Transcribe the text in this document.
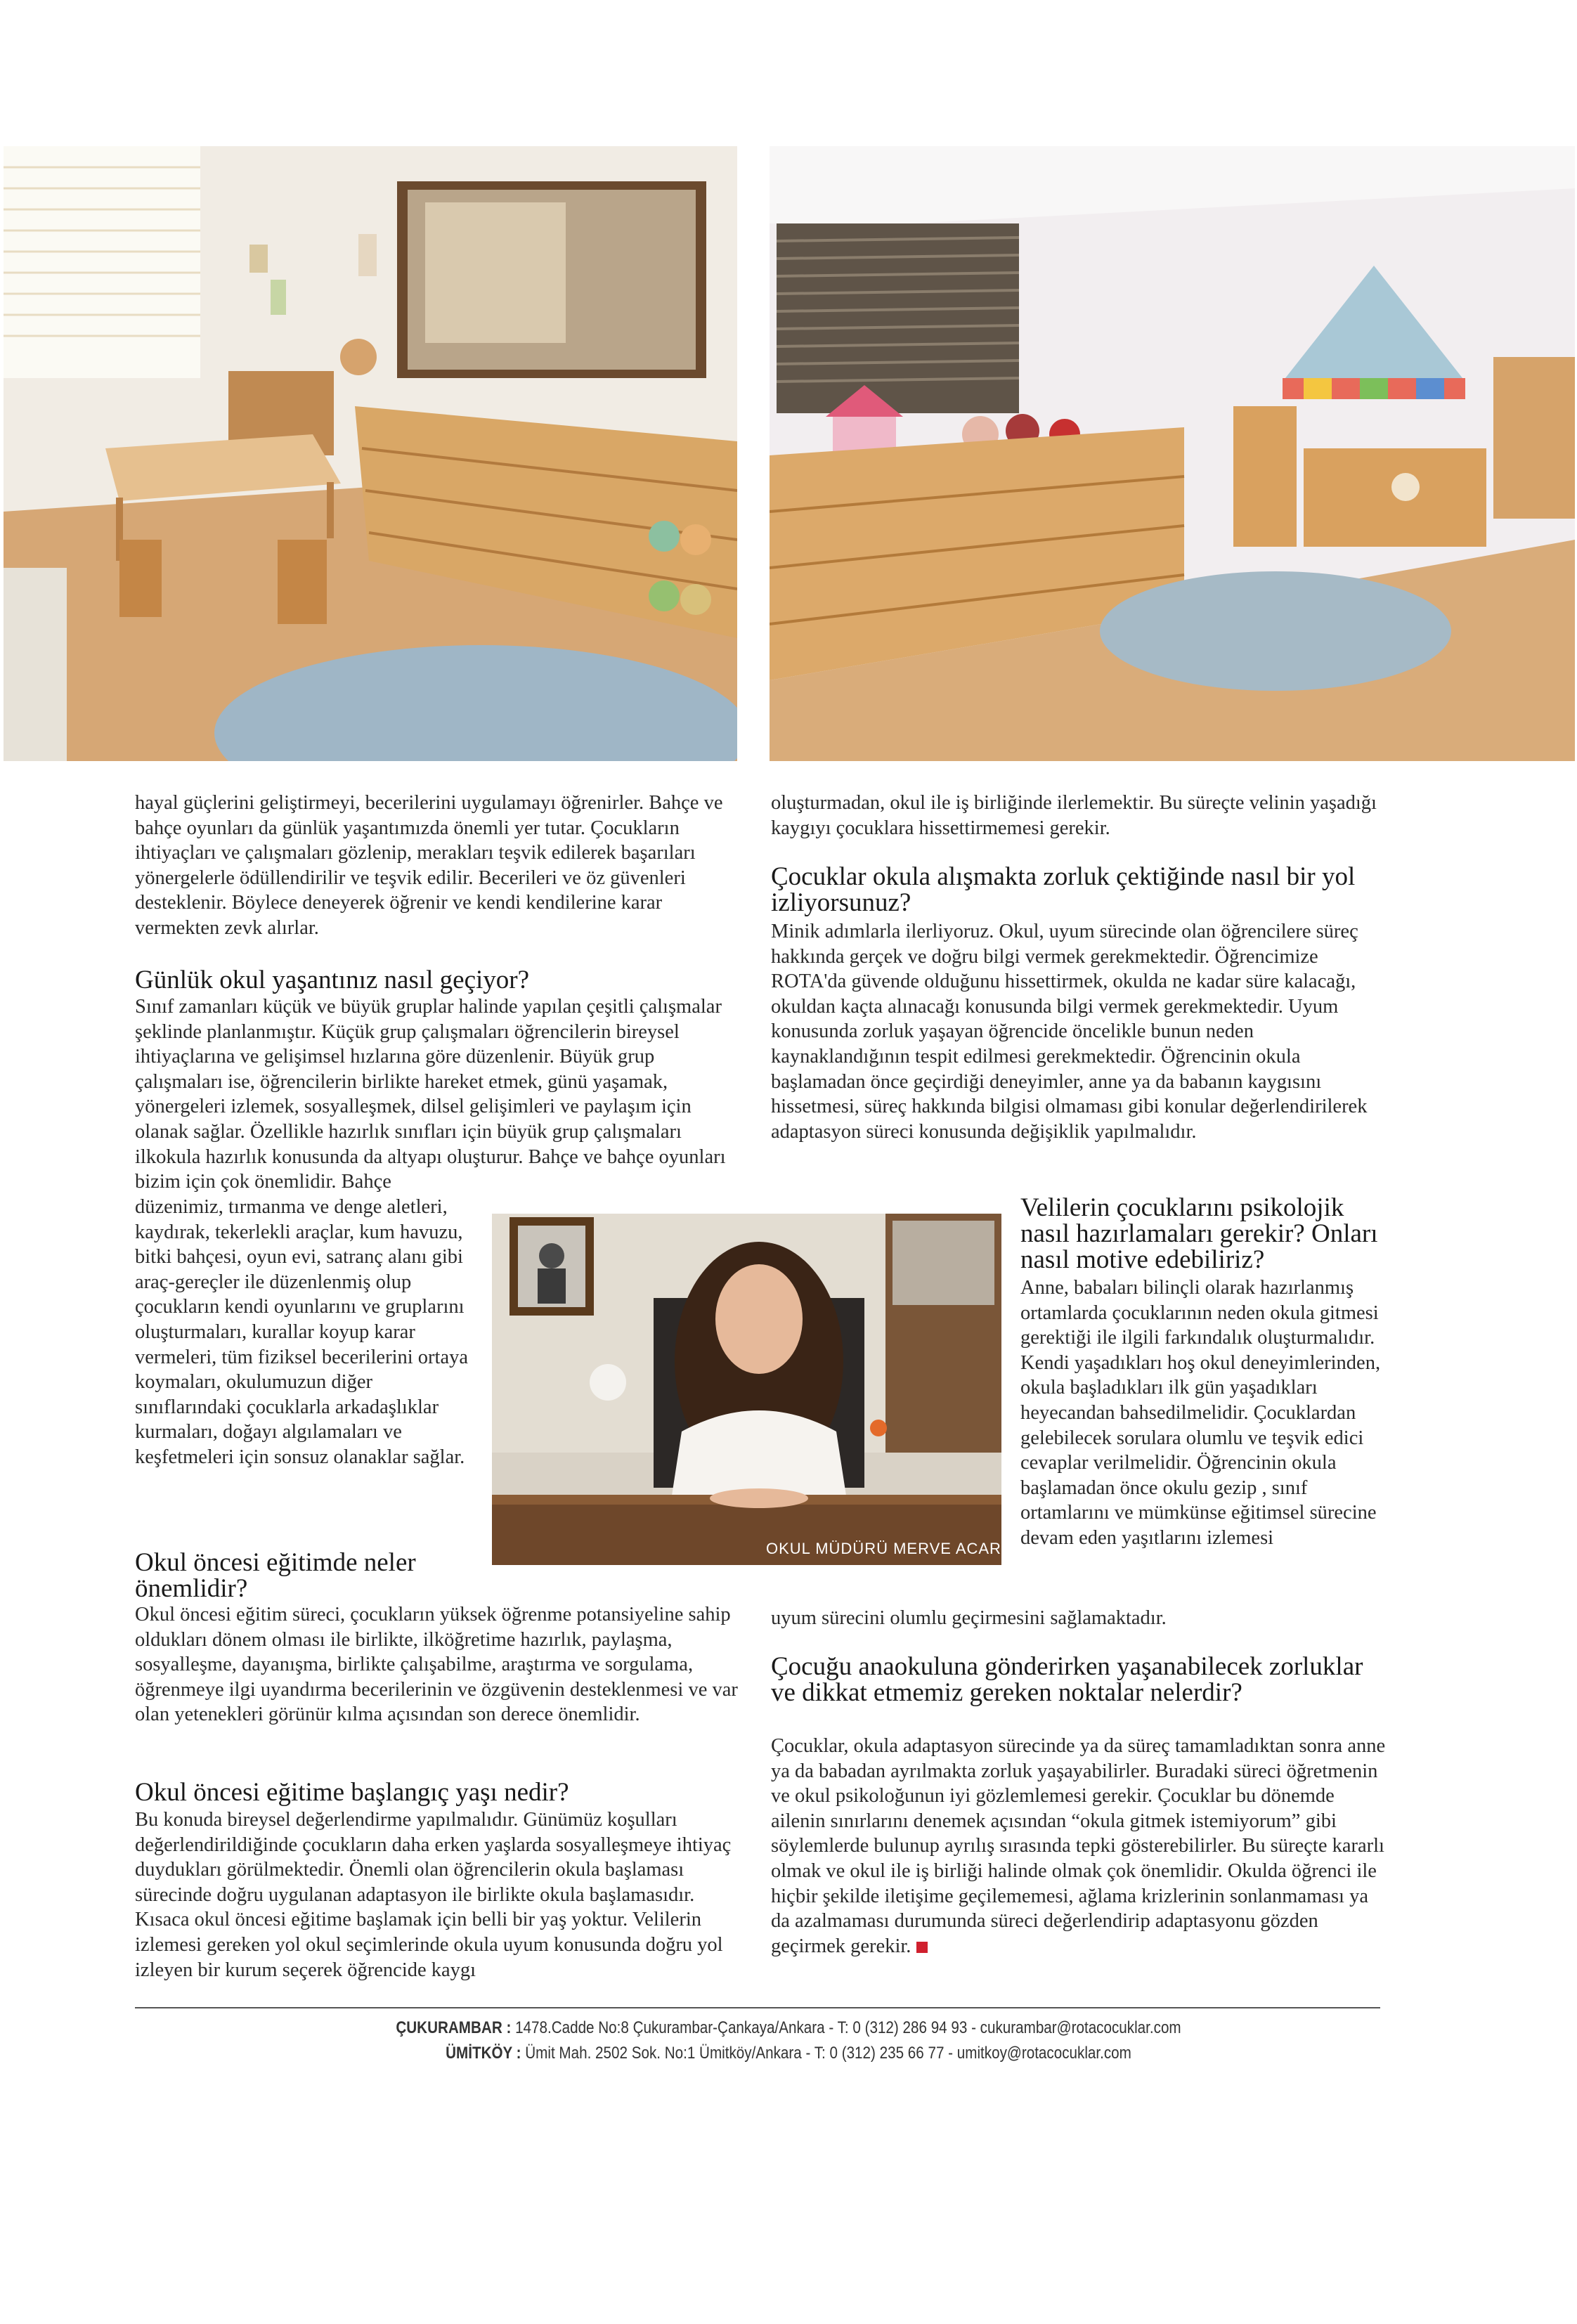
OKUL MÜDÜRÜ MERVE ACAR

hayal güçlerini geliştirmeyi, becerilerini uygulamayı öğrenirler. Bahçe ve bahçe oyunları da günlük yaşantımızda önemli yer tutar. Çocukların ihtiyaçları ve çalışmaları gözlenip, merakları teşvik edilerek başarıları yönergelerle ödüllendirilir ve teşvik edilir. Becerileri ve öz güvenleri desteklenir. Böylece deneyerek öğrenir ve kendi kendilerine karar vermekten zevk alırlar.

Günlük okul yaşantınız nasıl geçiyor?

Sınıf zamanları küçük ve büyük gruplar halinde yapılan çeşitli çalışmalar şeklinde planlanmıştır. Küçük grup çalışmaları öğrencilerin bireysel ihtiyaçlarına ve gelişimsel hızlarına göre düzenlenir. Büyük grup çalışmaları ise, öğrencilerin birlikte hareket etmek, günü yaşamak, yönergeleri izlemek, sosyalleşmek, dilsel gelişimleri ve paylaşım için olanak sağlar. Özellikle hazırlık sınıfları için büyük grup çalışmaları ilkokula hazırlık konusunda da altyapı oluşturur. Bahçe ve bahçe oyunları bizim için çok önemlidir. Bahçe

düzenimiz, tırmanma ve denge aletleri, kaydırak, tekerlekli araçlar, kum havuzu, bitki bahçesi, oyun evi, satranç alanı gibi araç-gereçler ile düzenlenmiş olup çocukların kendi oyunlarını ve gruplarını oluşturmaları, kurallar koyup karar vermeleri, tüm fiziksel becerilerini ortaya koymaları, okulumuzun diğer sınıflarındaki çocuklarla arkadaşlıklar kurmaları, doğayı algılamaları ve keşfetmeleri için sonsuz olanaklar sağlar.

Okul öncesi eğitimde neler önemlidir?

Okul öncesi eğitim süreci, çocukların yüksek öğrenme potansiyeline sahip oldukları dönem olması ile birlikte, ilköğretime hazırlık, paylaşma, sosyalleşme, dayanışma, birlikte çalışabilme, araştırma ve sorgulama, öğrenmeye ilgi uyandırma becerilerinin ve özgüvenin desteklenmesi ve var olan yetenekleri görünür kılma açısından son derece önemlidir.

Okul öncesi eğitime başlangıç yaşı nedir?

Bu konuda bireysel değerlendirme yapılmalıdır. Günümüz koşulları değerlendirildiğinde çocukların daha erken yaşlarda sosyalleşmeye ihtiyaç duydukları görülmektedir. Önemli olan öğrencilerin okula başlaması sürecinde doğru uygulanan adaptasyon ile birlikte okula başlamasıdır. Kısaca okul öncesi eğitime başlamak için belli bir yaş yoktur. Velilerin izlemesi gereken yol okul seçimlerinde okula uyum konusunda doğru yol izleyen bir kurum seçerek öğrencide kaygı

oluşturmadan, okul ile iş birliğinde ilerlemektir. Bu süreçte velinin yaşadığı kaygıyı çocuklara hissettirmemesi gerekir.

Çocuklar okula alışmakta zorluk çektiğinde nasıl bir yol izliyorsunuz?

Minik adımlarla ilerliyoruz. Okul, uyum sürecinde olan öğrencilere süreç hakkında gerçek ve doğru bilgi vermek gerekmektedir. Öğrencimize ROTA'da güvende olduğunu hissettirmek, okulda ne kadar süre kalacağı, okuldan kaçta alınacağı konusunda bilgi vermek gerekmektedir. Uyum konusunda zorluk yaşayan öğrencide öncelikle bunun neden kaynaklandığının tespit edilmesi gerekmektedir. Öğrencinin okula başlamadan önce geçirdiği deneyimler, anne ya da babanın kaygısını hissetmesi, süreç hakkında bilgisi olmaması gibi konular değerlendirilerek adaptasyon süreci konusunda değişiklik yapılmalıdır.

Velilerin çocuklarını psikolojik nasıl hazırlamaları gerekir? Onları nasıl motive edebiliriz?

Anne, babaları bilinçli olarak hazırlanmış ortamlarda çocuklarının neden okula gitmesi gerektiği ile ilgili farkındalık oluşturmalıdır. Kendi yaşadıkları hoş okul deneyimlerinden, okula başladıkları ilk gün yaşadıkları heyecandan bahsedilmelidir. Çocuklardan gelebilecek sorulara olumlu ve teşvik edici cevaplar verilmelidir. Öğrencinin okula başlamadan önce okulu gezip , sınıf ortamlarını ve mümkünse eğitimsel sürecine devam eden yaşıtlarını izlemesi

uyum sürecini olumlu geçirmesini sağlamaktadır.

Çocuğu anaokuluna gönderirken yaşanabilecek zorluklar ve dikkat etmemiz gereken noktalar nelerdir?

Çocuklar, okula adaptasyon sürecinde ya da süreç tamamladıktan sonra anne ya da babadan ayrılmakta zorluk yaşayabilirler. Buradaki süreci öğretmenin ve okul psikoloğunun iyi gözlemlemesi gerekir. Çocuklar bu dönemde ailenin sınırlarını denemek açısından “okula gitmek istemiyorum” gibi söylemlerde bulunup ayrılış sırasında tepki gösterebilirler. Bu süreçte kararlı olmak ve okul ile iş birliği halinde olmak çok önemlidir. Okulda öğrenci ile hiçbir şekilde iletişime geçilememesi, ağlama krizlerinin sonlanmaması ya da azalmaması durumunda süreci değerlendirip adaptasyonu gözden geçirmek gerekir.

ÇUKURAMBAR : 1478.Cadde No:8 Çukurambar-Çankaya/Ankara - T: 0 (312) 286 94 93 - cukurambar@rotacocuklar.com
ÜMİTKÖY : Ümit Mah. 2502 Sok. No:1 Ümitköy/Ankara - T: 0 (312) 235 66 77 - umitkoy@rotacocuklar.com
